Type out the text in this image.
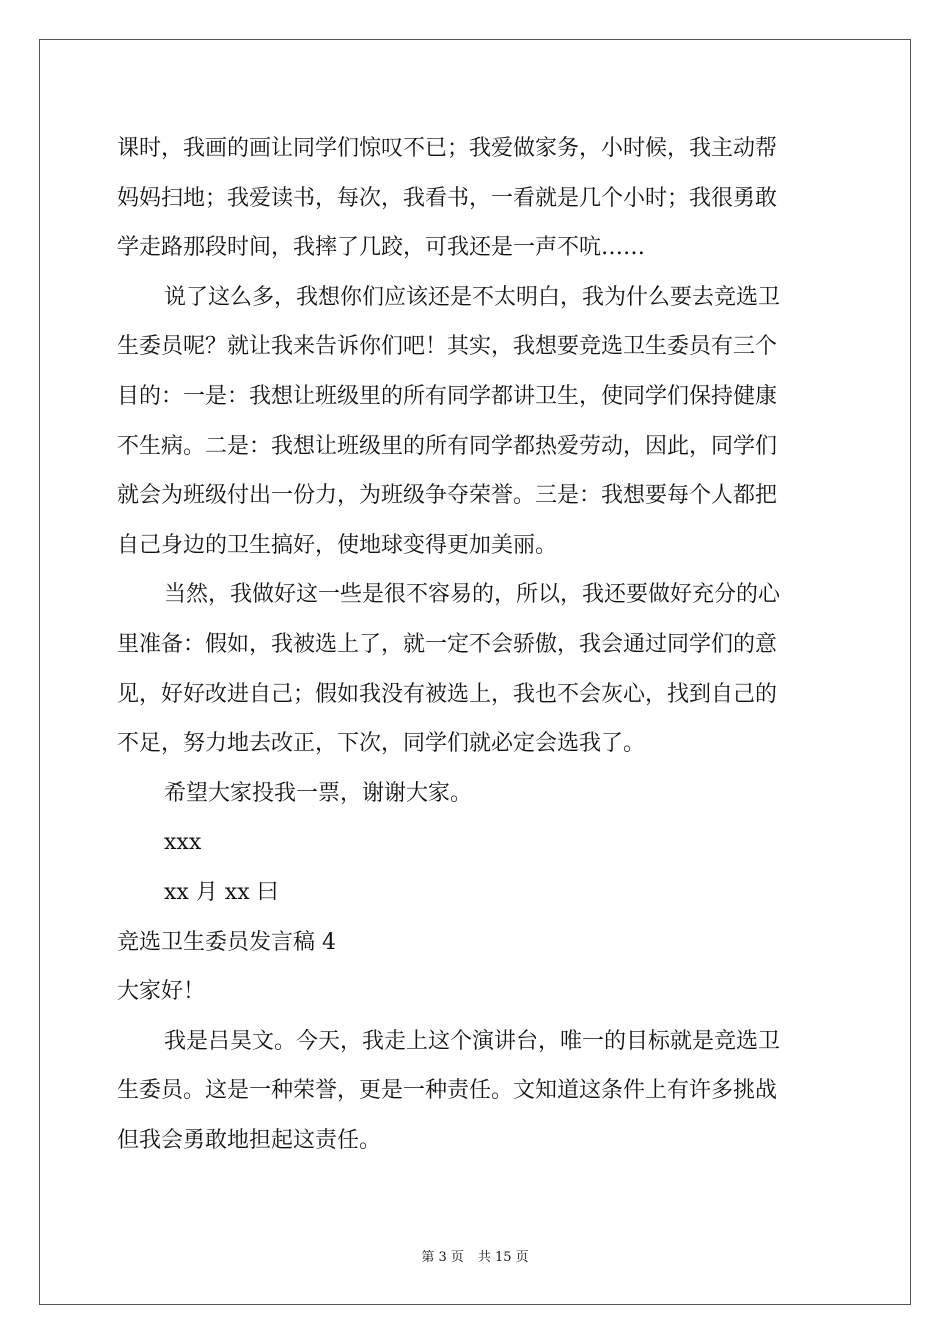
课时，我画的画让同学们惊叹不已；我爱做家务，小时候，我主动帮
妈妈扫地；我爱读书，每次，我看书，一看就是几个小时；我很勇敢
学走路那段时间，我摔了几跤，可我还是一声不吭……
说了这么多，我想你们应该还是不太明白，我为什么要去竞选卫
生委员呢？就让我来告诉你们吧！其实，我想要竞选卫生委员有三个
目的：一是：我想让班级里的所有同学都讲卫生，使同学们保持健康
不生病。二是：我想让班级里的所有同学都热爱劳动，因此，同学们
就会为班级付出一份力，为班级争夺荣誉。三是：我想要每个人都把
自己身边的卫生搞好，使地球变得更加美丽。
当然，我做好这一些是很不容易的，所以，我还要做好充分的心
里准备：假如，我被选上了，就一定不会骄傲，我会通过同学们的意
见，好好改进自己；假如我没有被选上，我也不会灰心，找到自己的
不足，努力地去改正，下次，同学们就必定会选我了。
希望大家投我一票，谢谢大家。
xxx
xx 月 xx 曰
竞选卫生委员发言稿 4
大家好！
我是吕昊文。今天，我走上这个演讲台，唯一的目标就是竞选卫
生委员。这是一种荣誉，更是一种责任。文知道这条件上有许多挑战
但我会勇敢地担起这责任。
第 3 页 共 15 页
